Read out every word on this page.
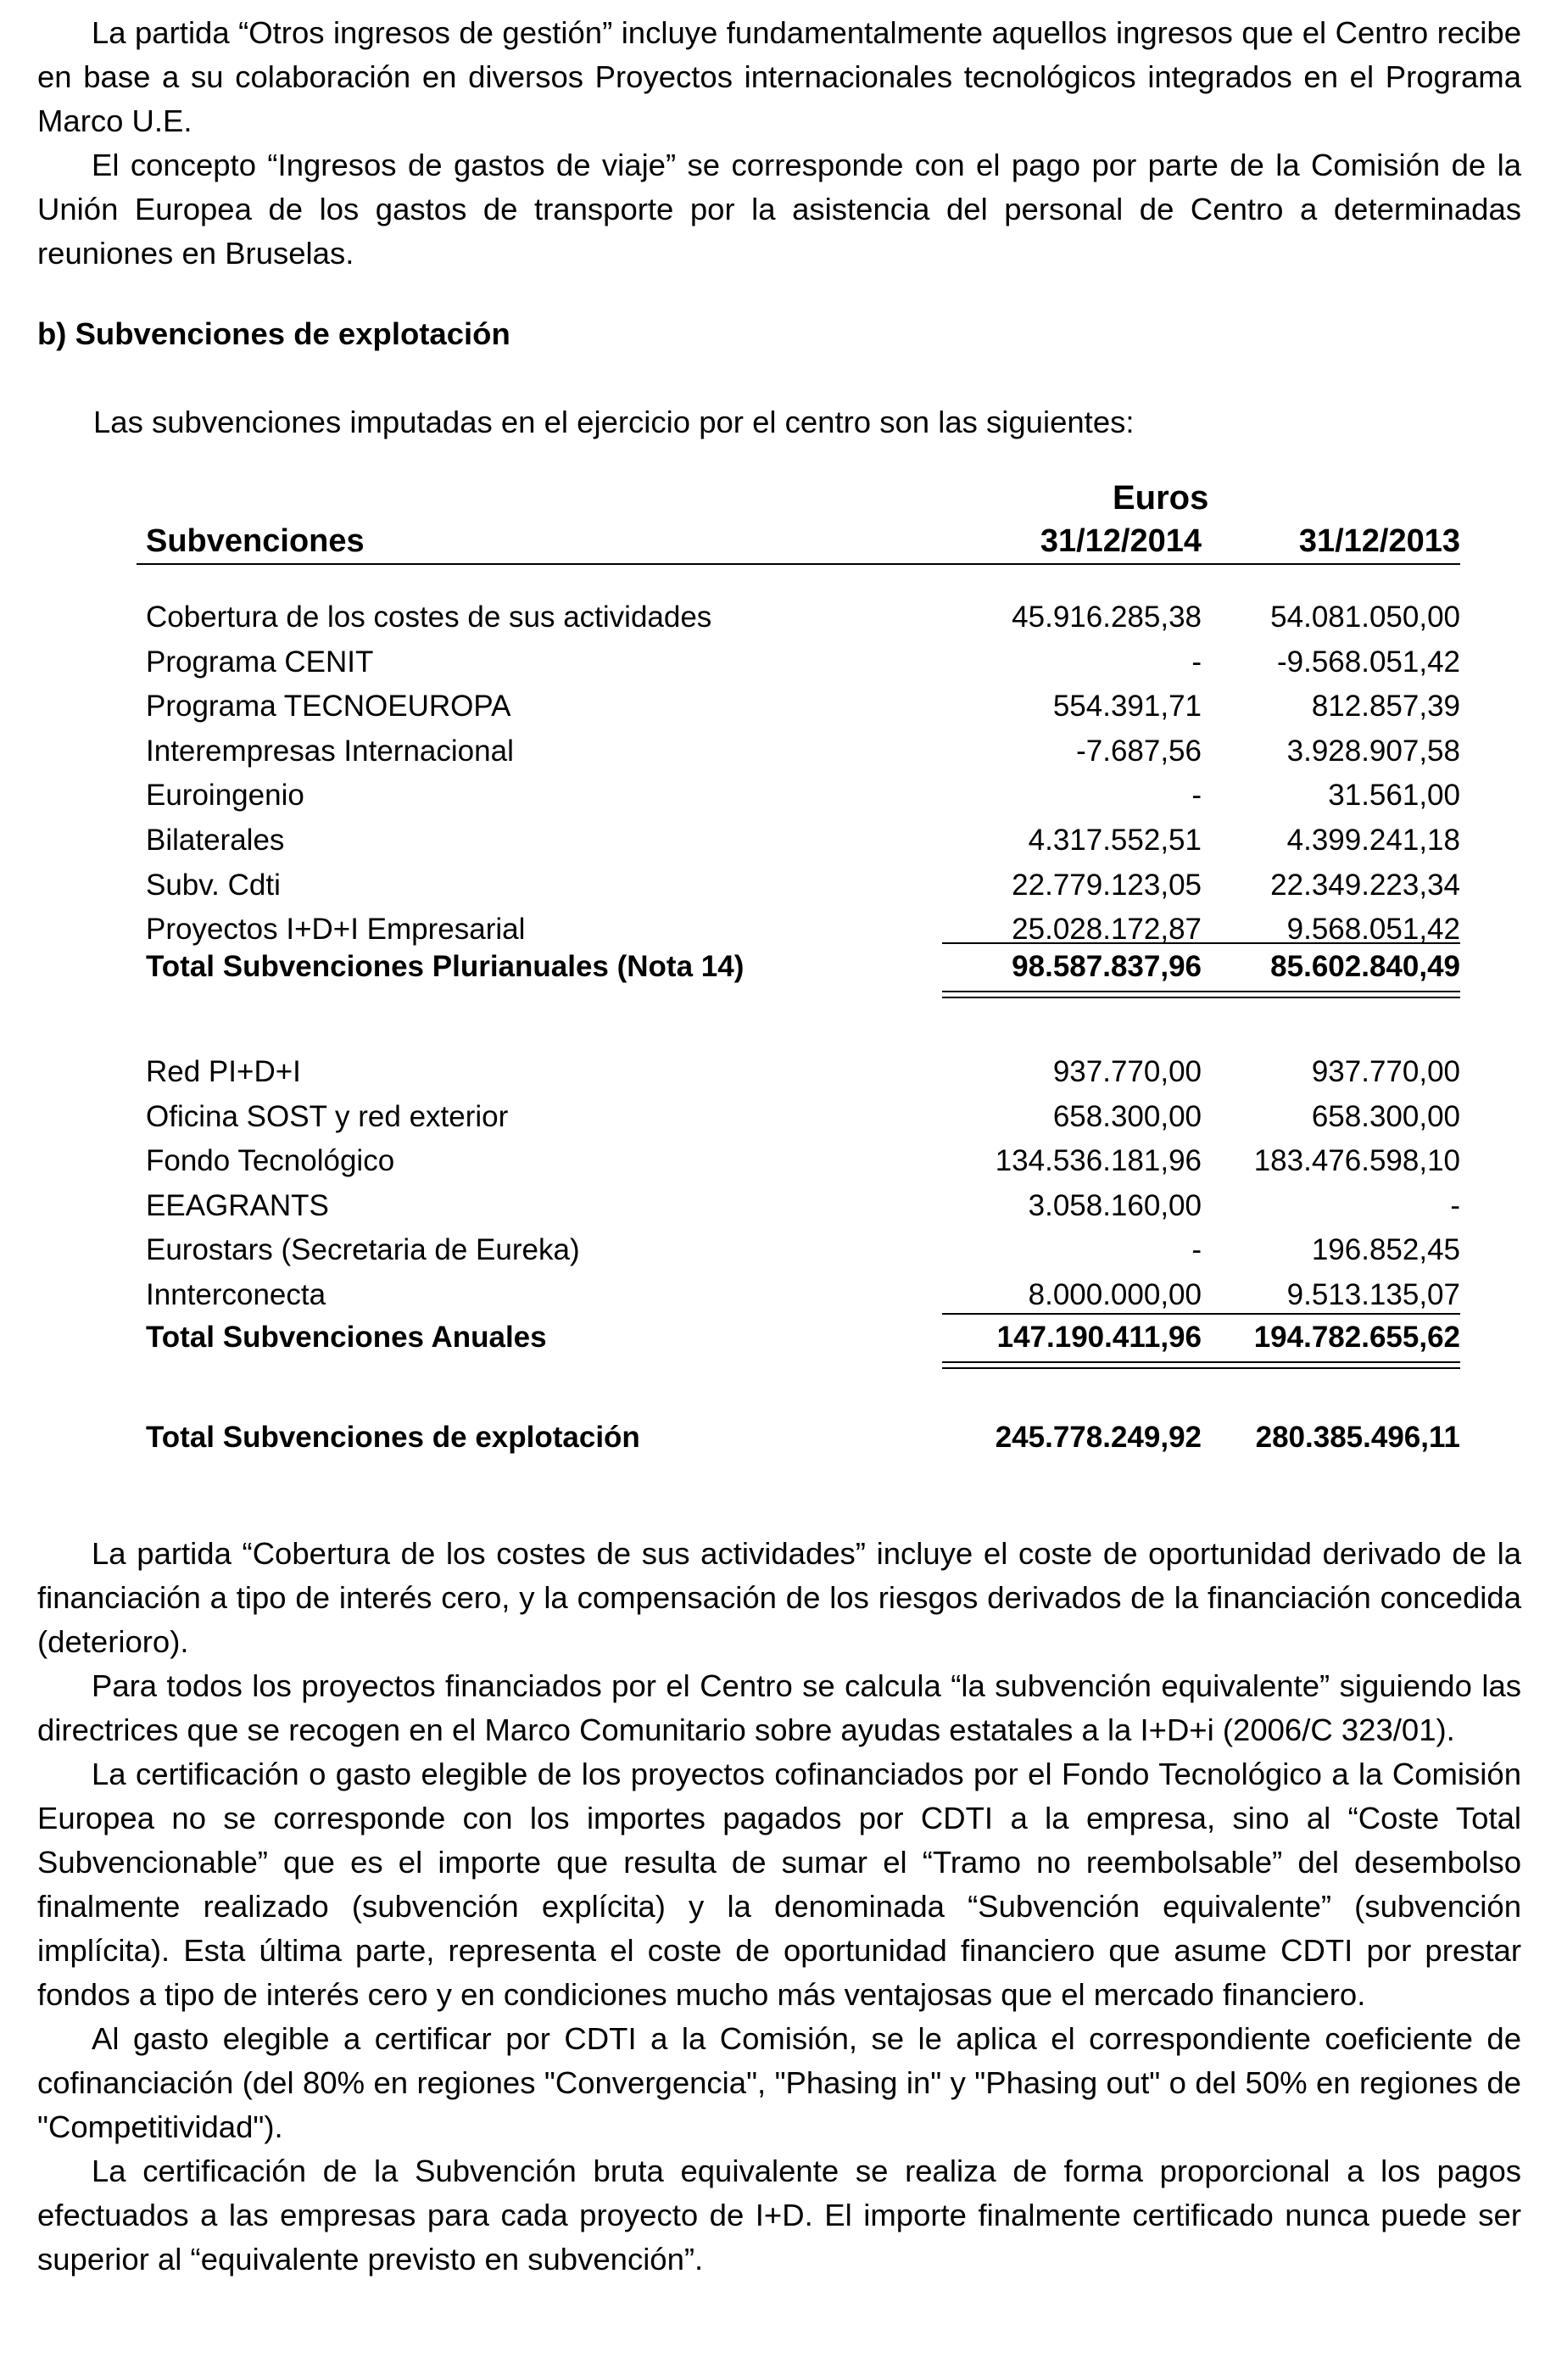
La partida “Otros ingresos de gestión” incluye fundamentalmente aquellos ingresos que el Centro recibe en base a su colaboración en diversos Proyectos internacionales tecnológicos integrados en el Programa Marco U.E.

El concepto “Ingresos de gastos de viaje” se corresponde con el pago por parte de la Comisión de la Unión Europea de los gastos de transporte por la asistencia del personal de Centro a determinadas reuniones en Bruselas.

b) Subvenciones de explotación
Las subvenciones imputadas en el ejercicio por el centro son las siguientes:
Euros
Subvenciones	31/12/2014	31/12/2013
Cobertura de los costes de sus actividades	45.916.285,38	54.081.050,00
Programa CENIT	-	-9.568.051,42
Programa TECNOEUROPA	554.391,71	812.857,39
Interempresas Internacional	-7.687,56	3.928.907,58
Euroingenio	-	31.561,00
Bilaterales	4.317.552,51	4.399.241,18
Subv. Cdti	22.779.123,05	22.349.223,34
Proyectos I+D+I Empresarial	25.028.172,87	9.568.051,42
Total Subvenciones Plurianuales (Nota 14)	98.587.837,96	85.602.840,49
Red PI+D+I	937.770,00	937.770,00
Oficina SOST y red exterior	658.300,00	658.300,00
Fondo Tecnológico	134.536.181,96	183.476.598,10
EEAGRANTS	3.058.160,00	-
Eurostars (Secretaria de Eureka)	-	196.852,45
Innterconecta	8.000.000,00	9.513.135,07
Total Subvenciones Anuales	147.190.411,96	194.782.655,62
Total Subvenciones de explotación	245.778.249,92	280.385.496,11

La partida “Cobertura de los costes de sus actividades” incluye el coste de oportunidad derivado de la financiación a tipo de interés cero, y la compensación de los riesgos derivados de la financiación concedida (deterioro).

Para todos los proyectos financiados por el Centro se calcula “la subvención equivalente” siguiendo las directrices que se recogen en el Marco Comunitario sobre ayudas estatales a la I+D+i (2006/C 323/01).

La certificación o gasto elegible de los proyectos cofinanciados por el Fondo Tecnológico a la Comisión Europea no se corresponde con los importes pagados por CDTI a la empresa, sino al “Coste Total Subvencionable” que es el importe que resulta de sumar el “Tramo no reembolsable” del desembolso finalmente realizado (subvención explícita) y la denominada “Subvención equivalente” (subvención implícita). Esta última parte, representa el coste de oportunidad financiero que asume CDTI por prestar fondos a tipo de interés cero y en condiciones mucho más ventajosas que el mercado financiero.

Al gasto elegible a certificar por CDTI a la Comisión, se le aplica el correspondiente coeficiente de cofinanciación (del 80% en regiones "Convergencia", "Phasing in" y "Phasing out" o del 50% en regiones de "Competitividad").

La certificación de la Subvención bruta equivalente se realiza de forma proporcional a los pagos efectuados a las empresas para cada proyecto de I+D. El importe finalmente certificado nunca puede ser superior al “equivalente previsto en subvención”.
